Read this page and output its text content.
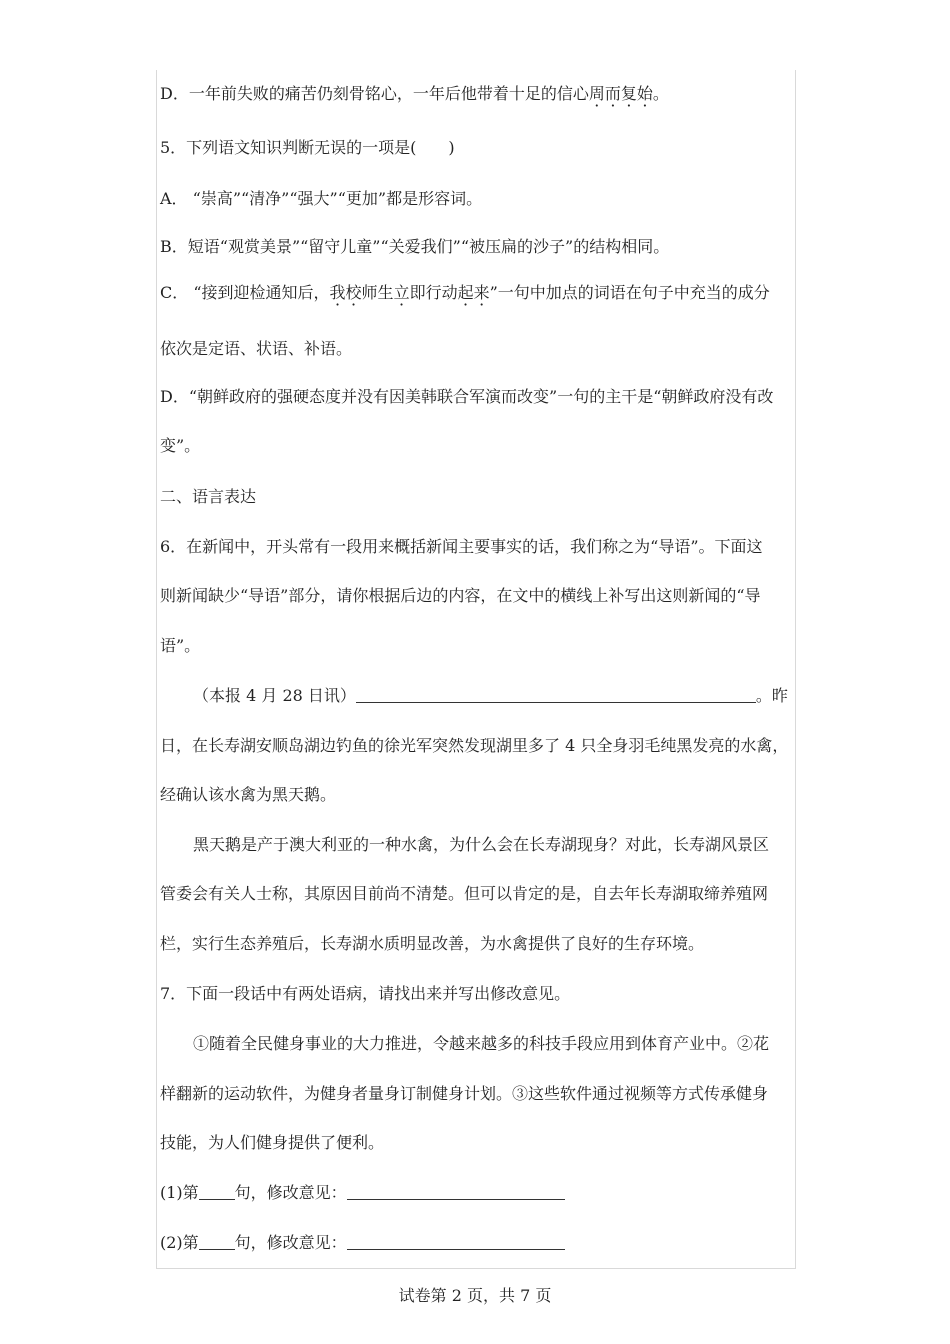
D．一年前失败的痛苦仍刻骨铭心，一年后他带着十足的信心周而复始。
5．下列语文知识判断无误的一项是(　　)
A． “崇高”“清净”“强大”“更加”都是形容词。
B．短语“观赏美景”“留守儿童”“关爱我们”“被压扁的沙子”的结构相同。
C． “接到迎检通知后，我校师生立即行动起来”一句中加点的词语在句子中充当的成分
依次是定语、状语、补语。
D．“朝鲜政府的强硬态度并没有因美韩联合军演而改变”一句的主干是“朝鲜政府没有改
变”。
二、语言表达
6．在新闻中，开头常有一段用来概括新闻主要事实的话，我们称之为“导语”。下面这
则新闻缺少“导语”部分，请你根据后边的内容，在文中的横线上补写出这则新闻的“导
语”。
（本报 4 月 28 日讯）	。昨
日，在长寿湖安顺岛湖边钓鱼的徐光军突然发现湖里多了 4 只全身羽毛纯黑发亮的水禽，
经确认该水禽为黑天鹅。
黑天鹅是产于澳大利亚的一种水禽，为什么会在长寿湖现身？对此，长寿湖风景区
管委会有关人士称，其原因目前尚不清楚。但可以肯定的是，自去年长寿湖取缔养殖网
栏，实行生态养殖后，长寿湖水质明显改善，为水禽提供了良好的生存环境。
7．下面一段话中有两处语病，请找出来并写出修改意见。
①随着全民健身事业的大力推进，令越来越多的科技手段应用到体育产业中。②花
样翻新的运动软件，为健身者量身订制健身计划。③这些软件通过视频等方式传承健身
技能，为人们健身提供了便利。
(1)第 句，修改意见：
(2)第 句，修改意见：
试卷第 2 页，共 7 页
